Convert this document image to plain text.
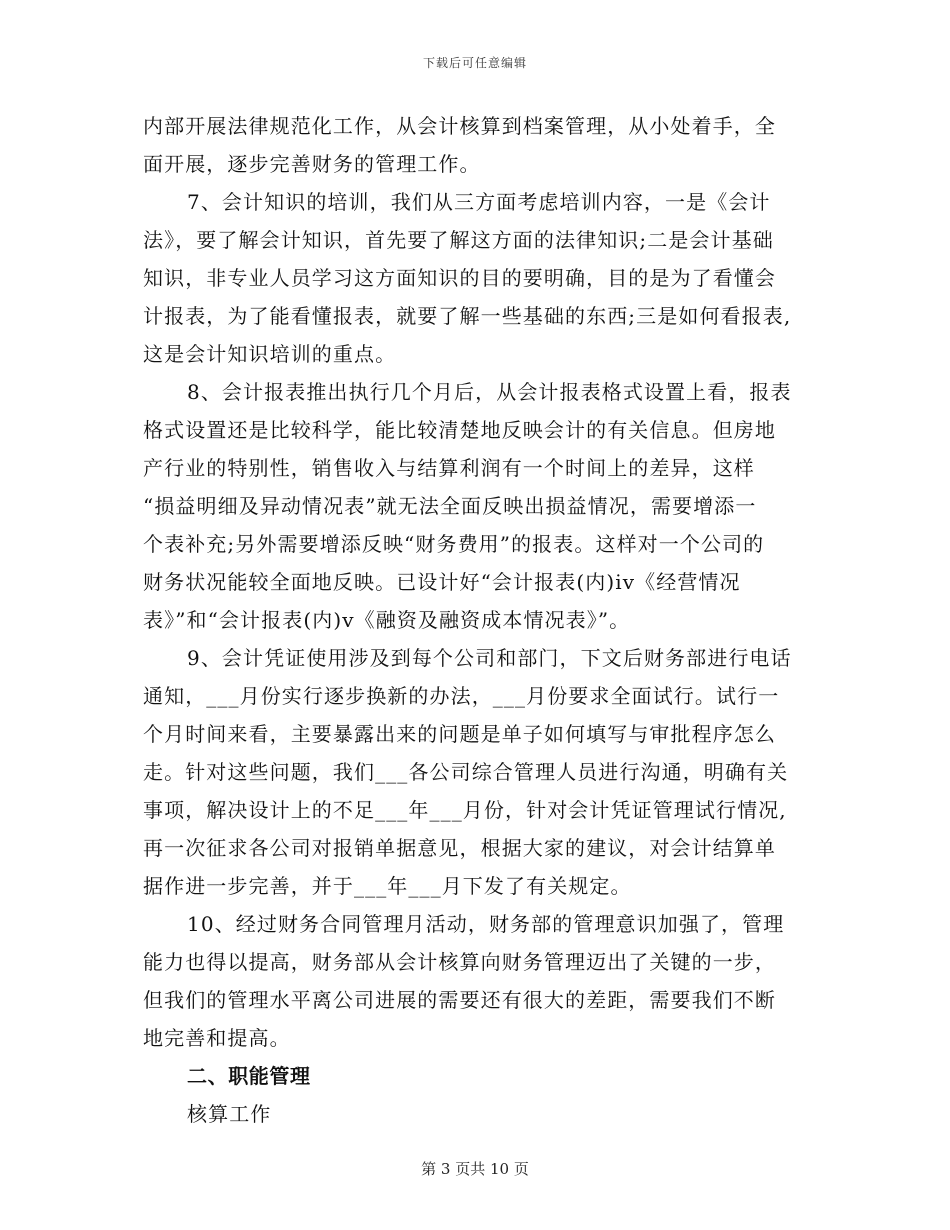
下载后可任意编辑
内部开展法律规范化工作，从会计核算到档案管理，从小处着手，全
面开展，逐步完善财务的管理工作。
7、会计知识的培训，我们从三方面考虑培训内容，一是《会计
法》，要了解会计知识，首先要了解这方面的法律知识;二是会计基础
知识，非专业人员学习这方面知识的目的要明确，目的是为了看懂会
计报表，为了能看懂报表，就要了解一些基础的东西;三是如何看报表,
这是会计知识培训的重点。
8、会计报表推出执行几个月后，从会计报表格式设置上看，报表
格式设置还是比较科学，能比较清楚地反映会计的有关信息。但房地
产行业的特别性，销售收入与结算利润有一个时间上的差异，这样
“损益明细及异动情况表”就无法全面反映出损益情况，需要增添一
个表补充;另外需要增添反映“财务费用”的报表。这样对一个公司的
财务状况能较全面地反映。已设计好“会计报表(内)iv《经营情况
表》”和“会计报表(内)v《融资及融资成本情况表》”。
9、会计凭证使用涉及到每个公司和部门，下文后财务部进行电话
通知，___月份实行逐步换新的办法，___月份要求全面试行。试行一
个月时间来看，主要暴露出来的问题是单子如何填写与审批程序怎么
走。针对这些问题，我们___各公司综合管理人员进行沟通，明确有关
事项，解决设计上的不足___年___月份，针对会计凭证管理试行情况,
再一次征求各公司对报销单据意见，根据大家的建议，对会计结算单
据作进一步完善，并于___年___月下发了有关规定。
10、经过财务合同管理月活动，财务部的管理意识加强了，管理
能力也得以提高，财务部从会计核算向财务管理迈出了关键的一步，
但我们的管理水平离公司进展的需要还有很大的差距，需要我们不断
地完善和提高。
二、职能管理
核算工作
第 3 页共 10 页
